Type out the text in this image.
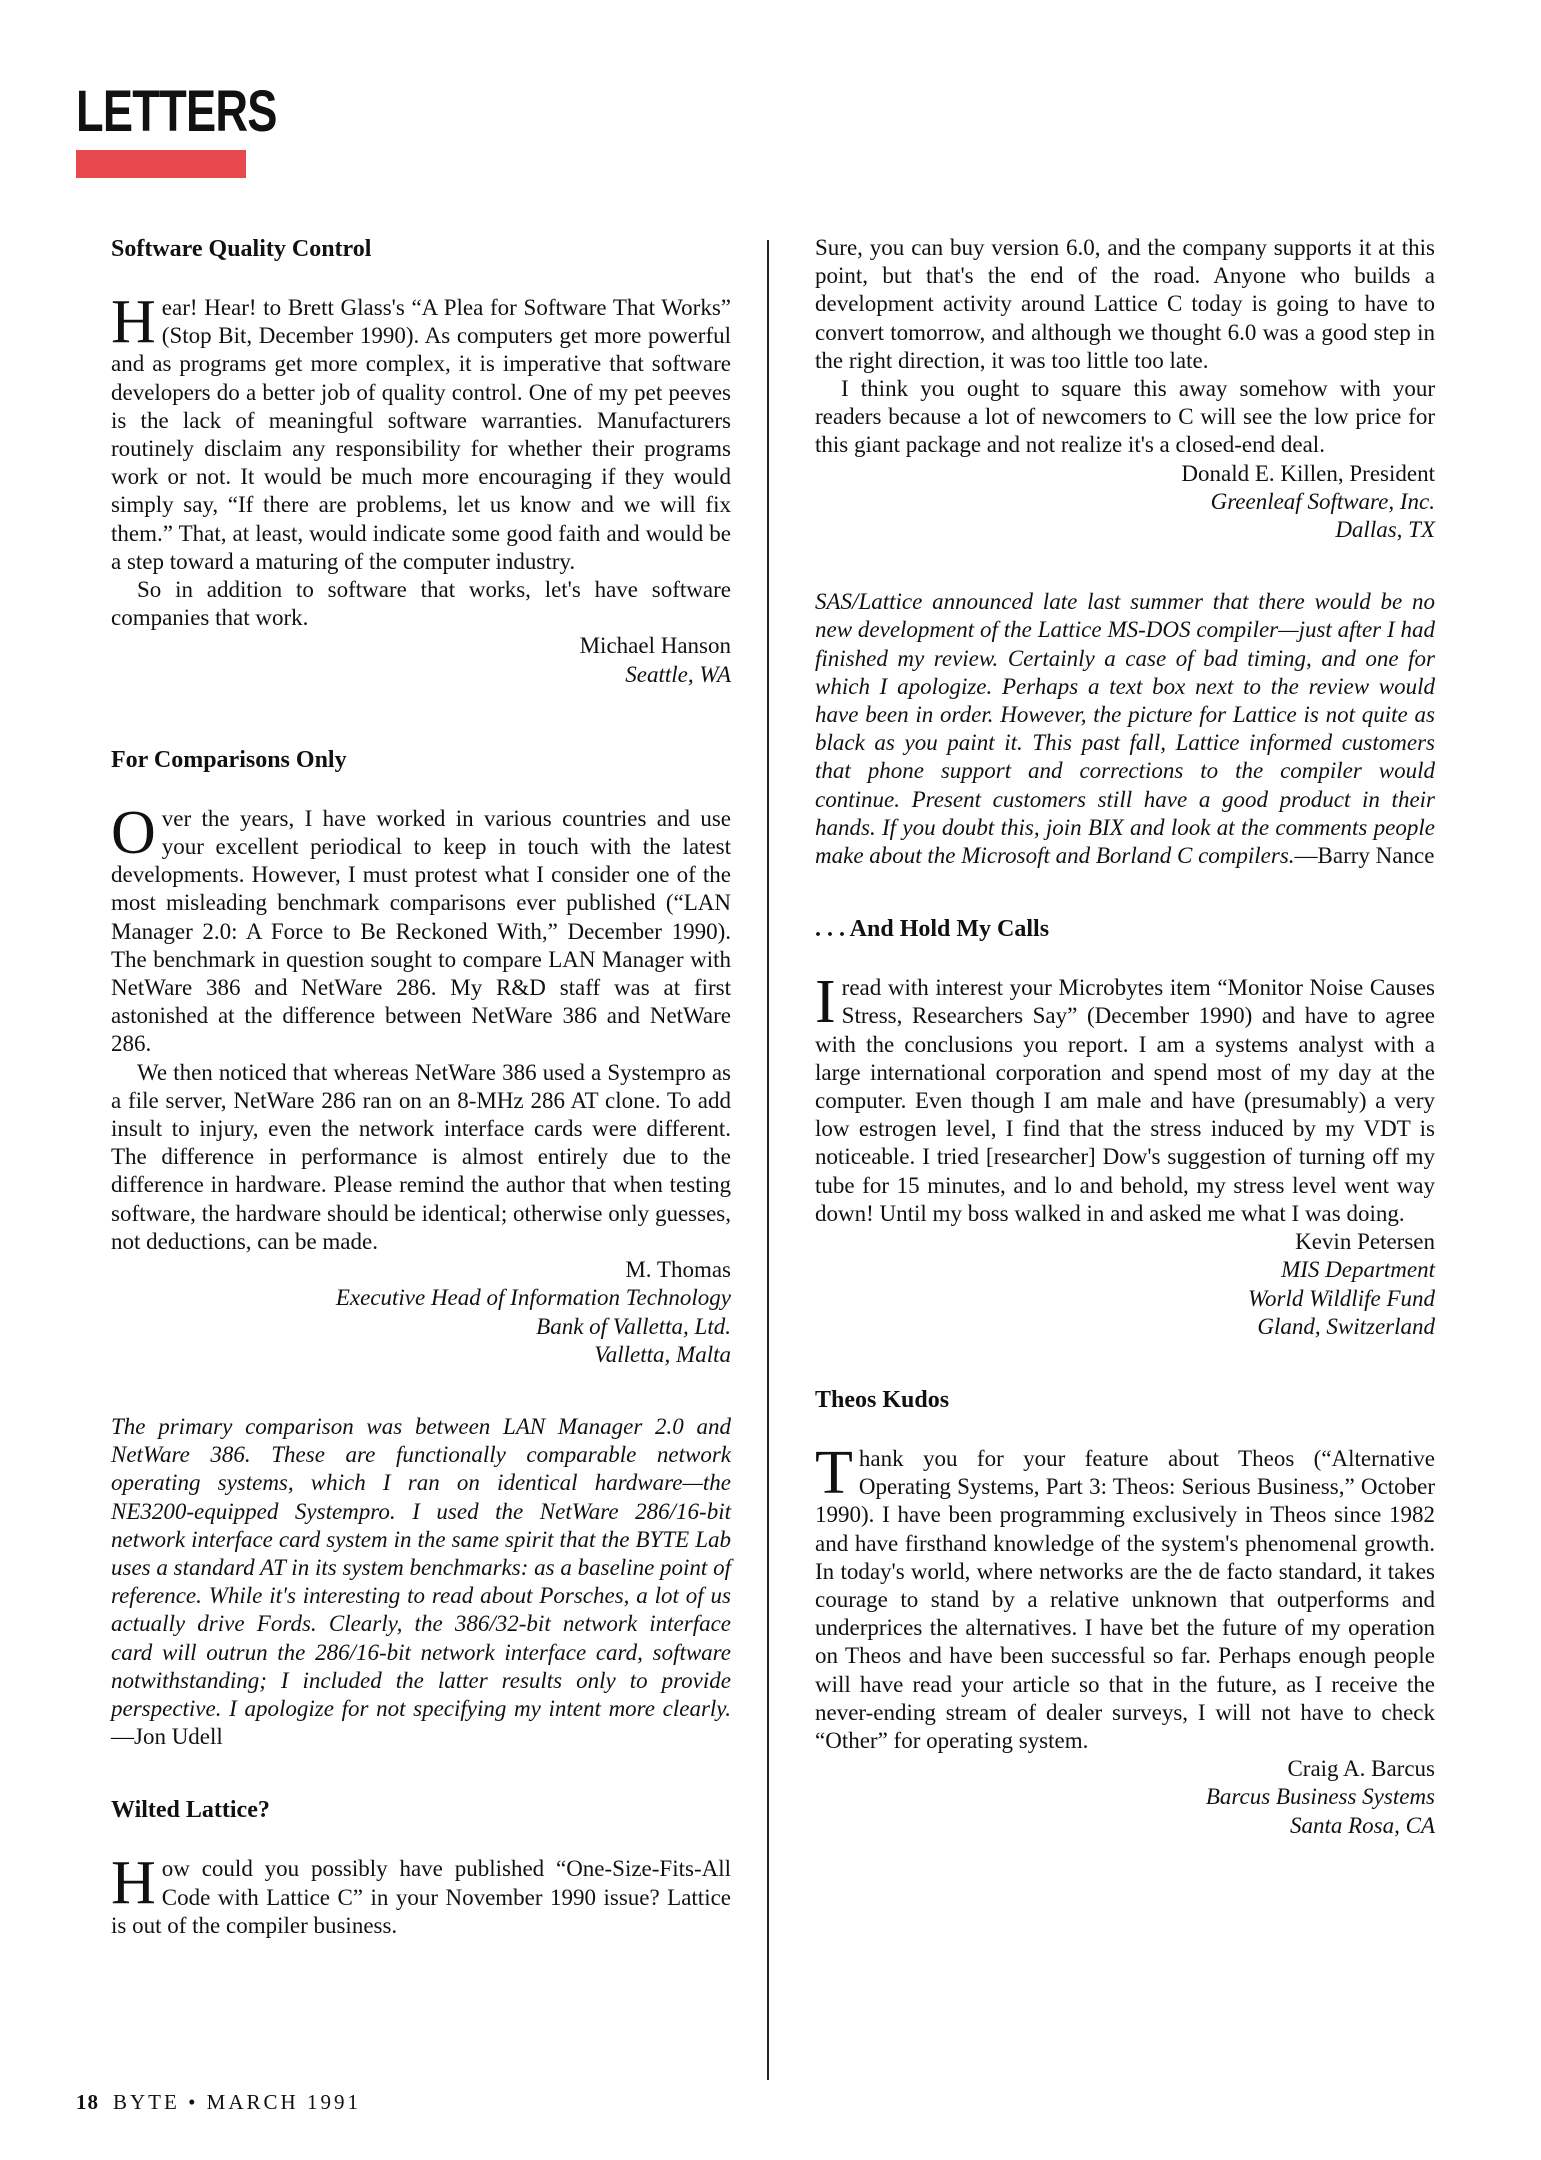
LETTERS
Software Quality Control

Hear! Hear! to Brett Glass's “A Plea for Software That Works” (Stop Bit, December 1990). As computers get more powerful and as programs get more complex, it is imperative that software developers do a better job of quality control. One of my pet peeves is the lack of meaningful software warranties. Manufacturers routinely disclaim any responsibility for whether their programs work or not. It would be much more encouraging if they would simply say, “If there are problems, let us know and we will fix them.” That, at least, would indicate some good faith and would be a step toward a maturing of the computer industry.

So in addition to software that works, let's have software companies that work.

Michael Hanson
Seattle, WA
For Comparisons Only

Over the years, I have worked in various countries and use your excellent periodical to keep in touch with the latest developments. However, I must protest what I consider one of the most misleading benchmark comparisons ever published (“LAN Manager 2.0: A Force to Be Reckoned With,” December 1990). The benchmark in question sought to compare LAN Manager with NetWare 386 and NetWare 286. My R&D staff was at first astonished at the difference between NetWare 386 and NetWare 286.

We then noticed that whereas NetWare 386 used a Systempro as a file server, NetWare 286 ran on an 8-MHz 286 AT clone. To add insult to injury, even the network interface cards were different. The difference in performance is almost entirely due to the difference in hardware. Please remind the author that when testing software, the hardware should be identical; otherwise only guesses, not deductions, can be made.

M. Thomas
Executive Head of Information Technology
Bank of Valletta, Ltd.
Valletta, Malta

The primary comparison was between LAN Manager 2.0 and NetWare 386. These are functionally comparable network operating systems, which I ran on identical hardware—the NE3200-equipped Systempro. I used the NetWare 286/16-bit network interface card system in the same spirit that the BYTE Lab uses a standard AT in its system benchmarks: as a baseline point of reference. While it's interesting to read about Porsches, a lot of us actually drive Fords. Clearly, the 386/32-bit network interface card will outrun the 286/16-bit network interface card, software notwithstanding; I included the latter results only to provide perspective. I apologize for not specifying my intent more clearly.—Jon Udell

Wilted Lattice?

How could you possibly have published “One-Size-Fits-All Code with Lattice C” in your November 1990 issue? Lattice is out of the compiler business.

Sure, you can buy version 6.0, and the company supports it at this point, but that's the end of the road. Anyone who builds a development activity around Lattice C today is going to have to convert tomorrow, and although we thought 6.0 was a good step in the right direction, it was too little too late.

I think you ought to square this away somehow with your readers because a lot of newcomers to C will see the low price for this giant package and not realize it's a closed-end deal.

Donald E. Killen, President
Greenleaf Software, Inc.
Dallas, TX

SAS/Lattice announced late last summer that there would be no new development of the Lattice MS-DOS compiler—just after I had finished my review. Certainly a case of bad timing, and one for which I apologize. Perhaps a text box next to the review would have been in order. However, the picture for Lattice is not quite as black as you paint it. This past fall, Lattice informed customers that phone support and corrections to the compiler would continue. Present customers still have a good product in their hands. If you doubt this, join BIX and look at the comments people make about the Microsoft and Borland C compilers.—Barry Nance

. . . And Hold My Calls

Iread with interest your Microbytes item “Monitor Noise Causes Stress, Researchers Say” (December 1990) and have to agree with the conclusions you report. I am a systems analyst with a large international corporation and spend most of my day at the computer. Even though I am male and have (presumably) a very low estrogen level, I find that the stress induced by my VDT is noticeable. I tried [researcher] Dow's suggestion of turning off my tube for 15 minutes, and lo and behold, my stress level went way down! Until my boss walked in and asked me what I was doing.

Kevin Petersen
MIS Department
World Wildlife Fund
Gland, Switzerland
Theos Kudos

Thank you for your feature about Theos (“Alternative Operating Systems, Part 3: Theos: Serious Business,” October 1990). I have been programming exclusively in Theos since 1982 and have firsthand knowledge of the system's phenomenal growth. In today's world, where networks are the de facto standard, it takes courage to stand by a relative unknown that outperforms and underprices the alternatives. I have bet the future of my operation on Theos and have been successful so far. Perhaps enough people will have read your article so that in the future, as I receive the never-ending stream of dealer surveys, I will not have to check “Other” for operating system.

Craig A. Barcus
Barcus Business Systems
Santa Rosa, CA
18 BYTE • MARCH 1991
